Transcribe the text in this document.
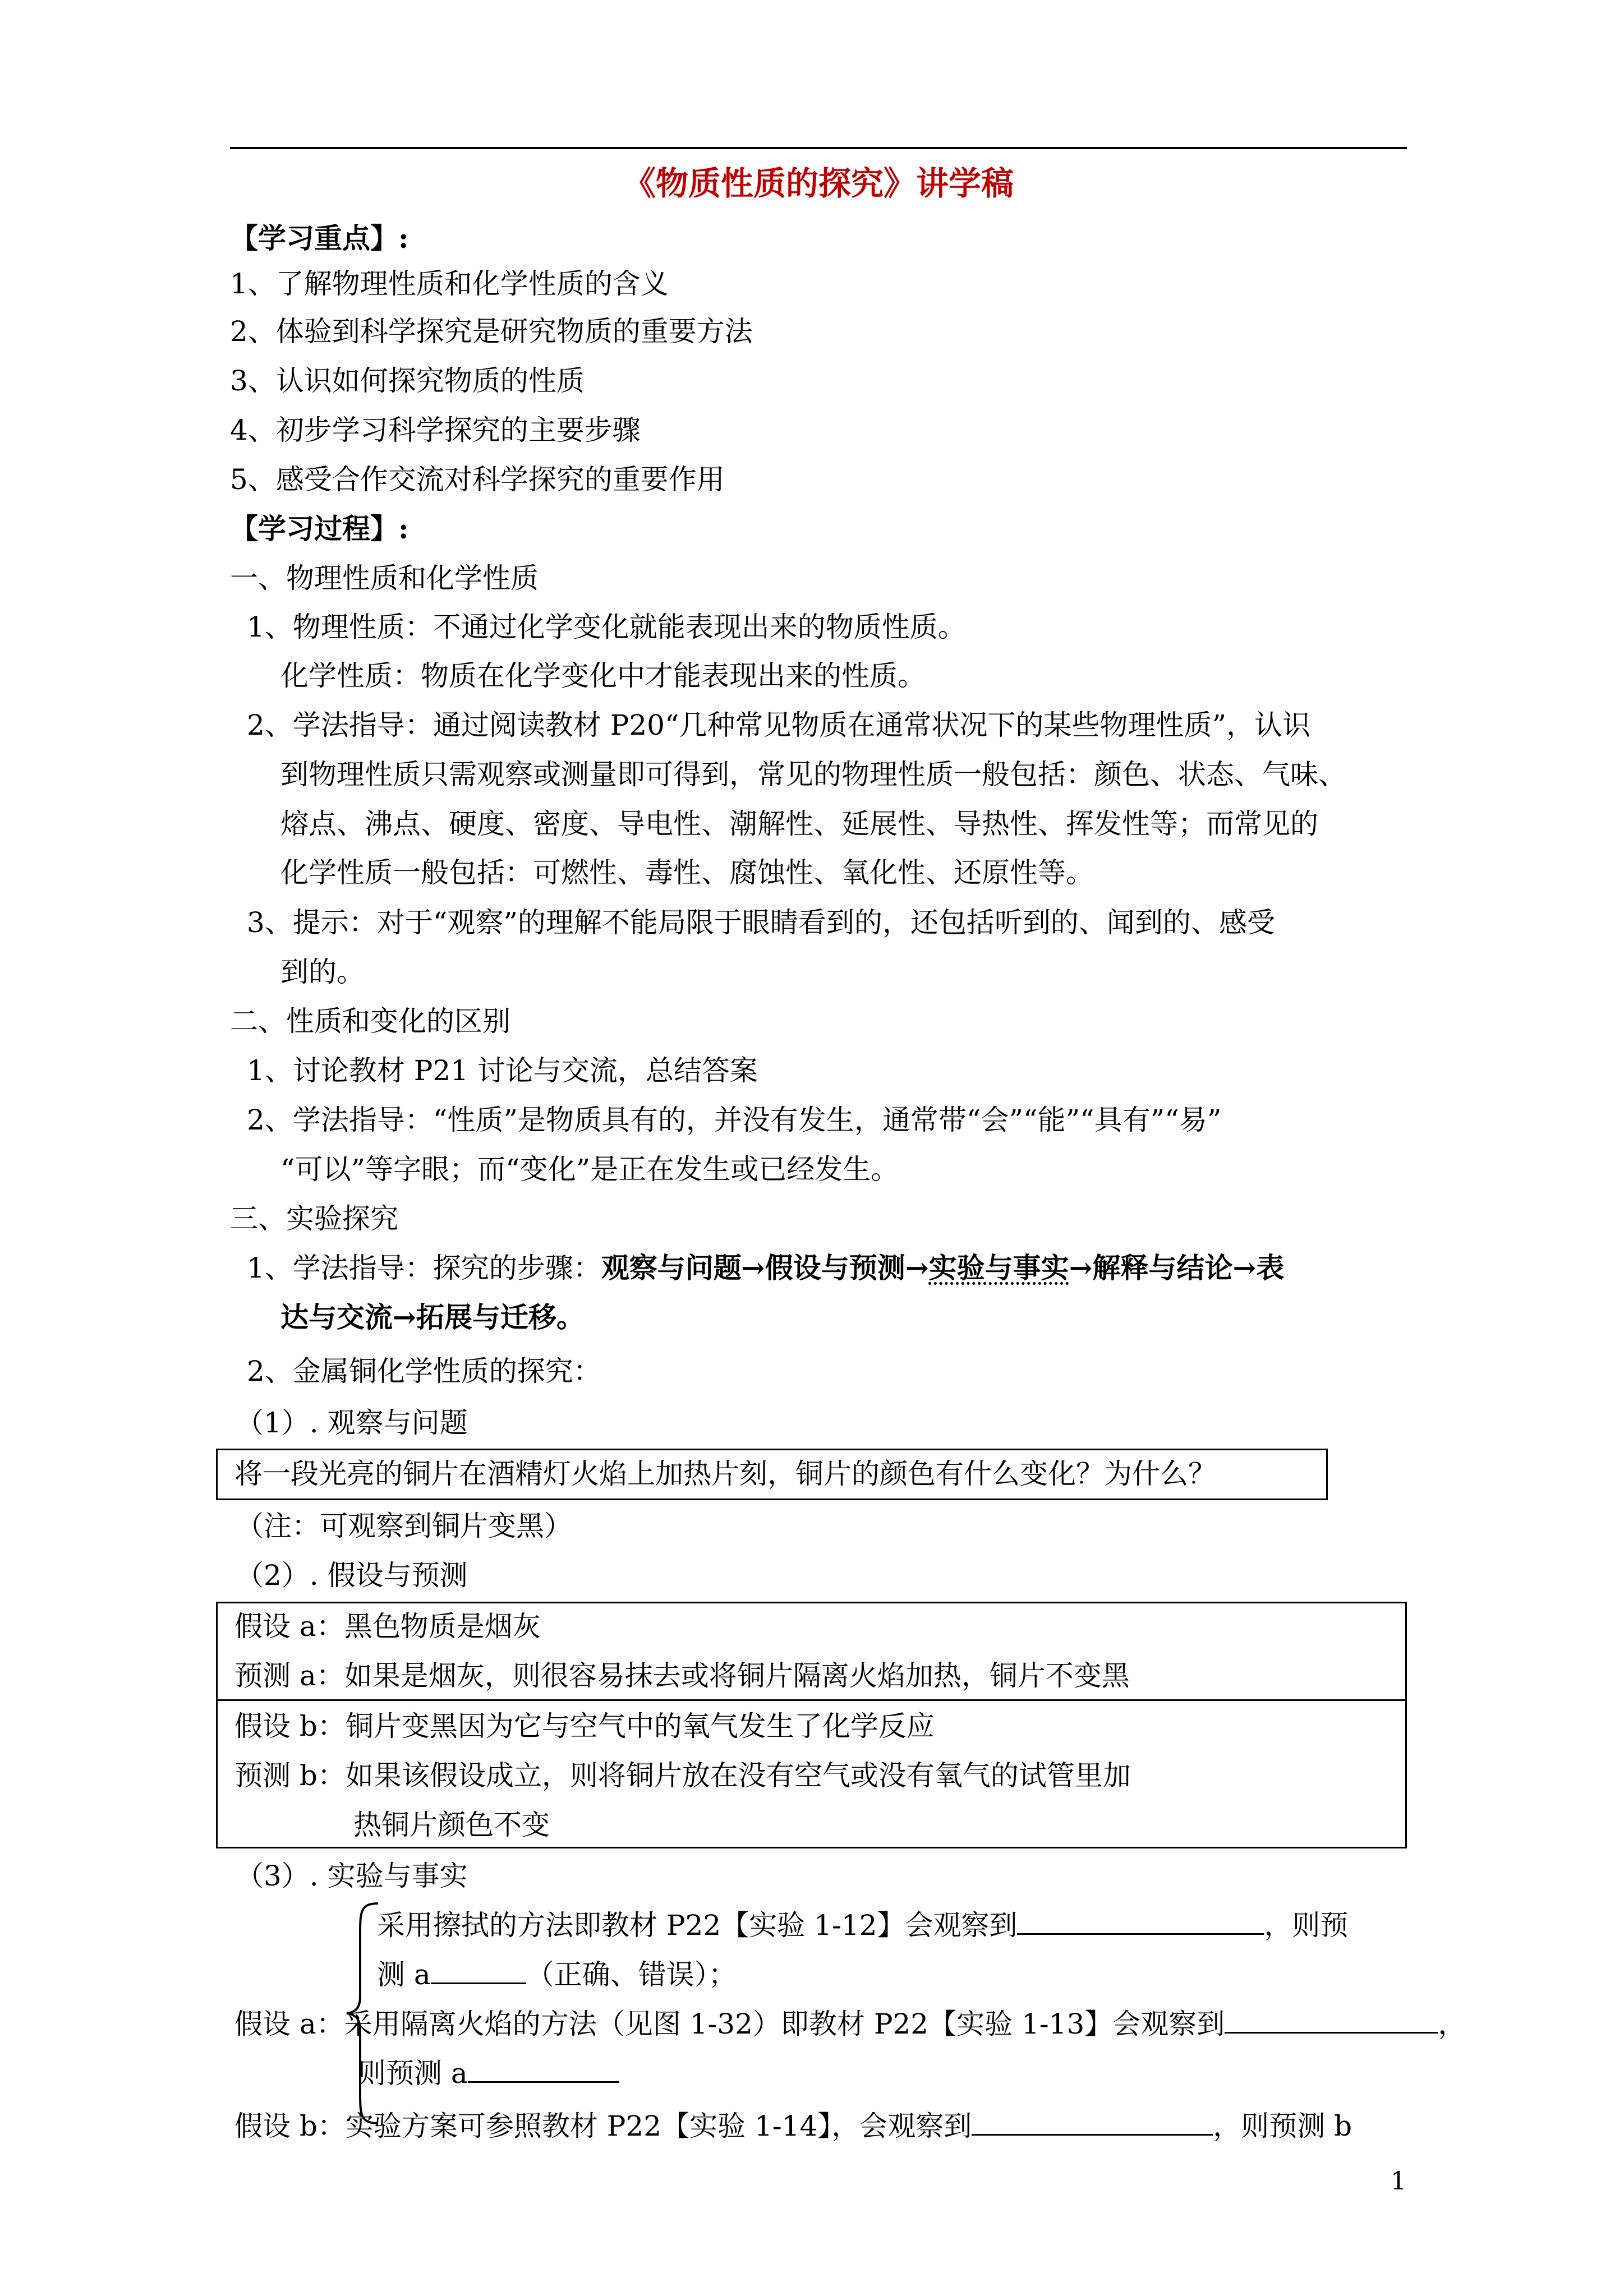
《物质性质的探究》讲学稿
【学习重点】:
1、了解物理性质和化学性质的含义
2、体验到科学探究是研究物质的重要方法
3、认识如何探究物质的性质
4、初步学习科学探究的主要步骤
5、感受合作交流对科学探究的重要作用
【学习过程】:
一、物理性质和化学性质
1、物理性质：不通过化学变化就能表现出来的物质性质。
化学性质：物质在化学变化中才能表现出来的性质。
2、学法指导：通过阅读教材 P20“几种常见物质在通常状况下的某些物理性质”，认识
到物理性质只需观察或测量即可得到，常见的物理性质一般包括：颜色、状态、气味、
熔点、沸点、硬度、密度、导电性、潮解性、延展性、导热性、挥发性等；而常见的
化学性质一般包括：可燃性、毒性、腐蚀性、氧化性、还原性等。
3、提示：对于“观察”的理解不能局限于眼睛看到的，还包括听到的、闻到的、感受
到的。
二、性质和变化的区别
1、讨论教材 P21 讨论与交流，总结答案
2、学法指导：“性质”是物质具有的，并没有发生，通常带“会”“能”“具有”“易”
“可以”等字眼；而“变化”是正在发生或已经发生。
三、实验探究
1、学法指导：探究的步骤：观察与问题→假设与预测→实验与事实→解释与结论→表
达与交流→拓展与迁移。
2、金属铜化学性质的探究：
（1）. 观察与问题
将一段光亮的铜片在酒精灯火焰上加热片刻，铜片的颜色有什么变化？为什么？
（注：可观察到铜片变黑）
（2）. 假设与预测
假设 a：黑色物质是烟灰
预测 a：如果是烟灰，则很容易抹去或将铜片隔离火焰加热，铜片不变黑
假设 b：铜片变黑因为它与空气中的氧气发生了化学反应
预测 b：如果该假设成立，则将铜片放在没有空气或没有氧气的试管里加
热铜片颜色不变
（3）. 实验与事实
采用擦拭的方法即教材 P22【实验 1-12】会观察到	，则预
测 a	（正确、错误）；
假设 a：采用隔离火焰的方法（见图 1-32）即教材 P22【实验 1-13】会观察到	，
则预测 a
假设 b：实验方案可参照教材 P22【实验 1-14】，会观察到	，则预测 b
1
